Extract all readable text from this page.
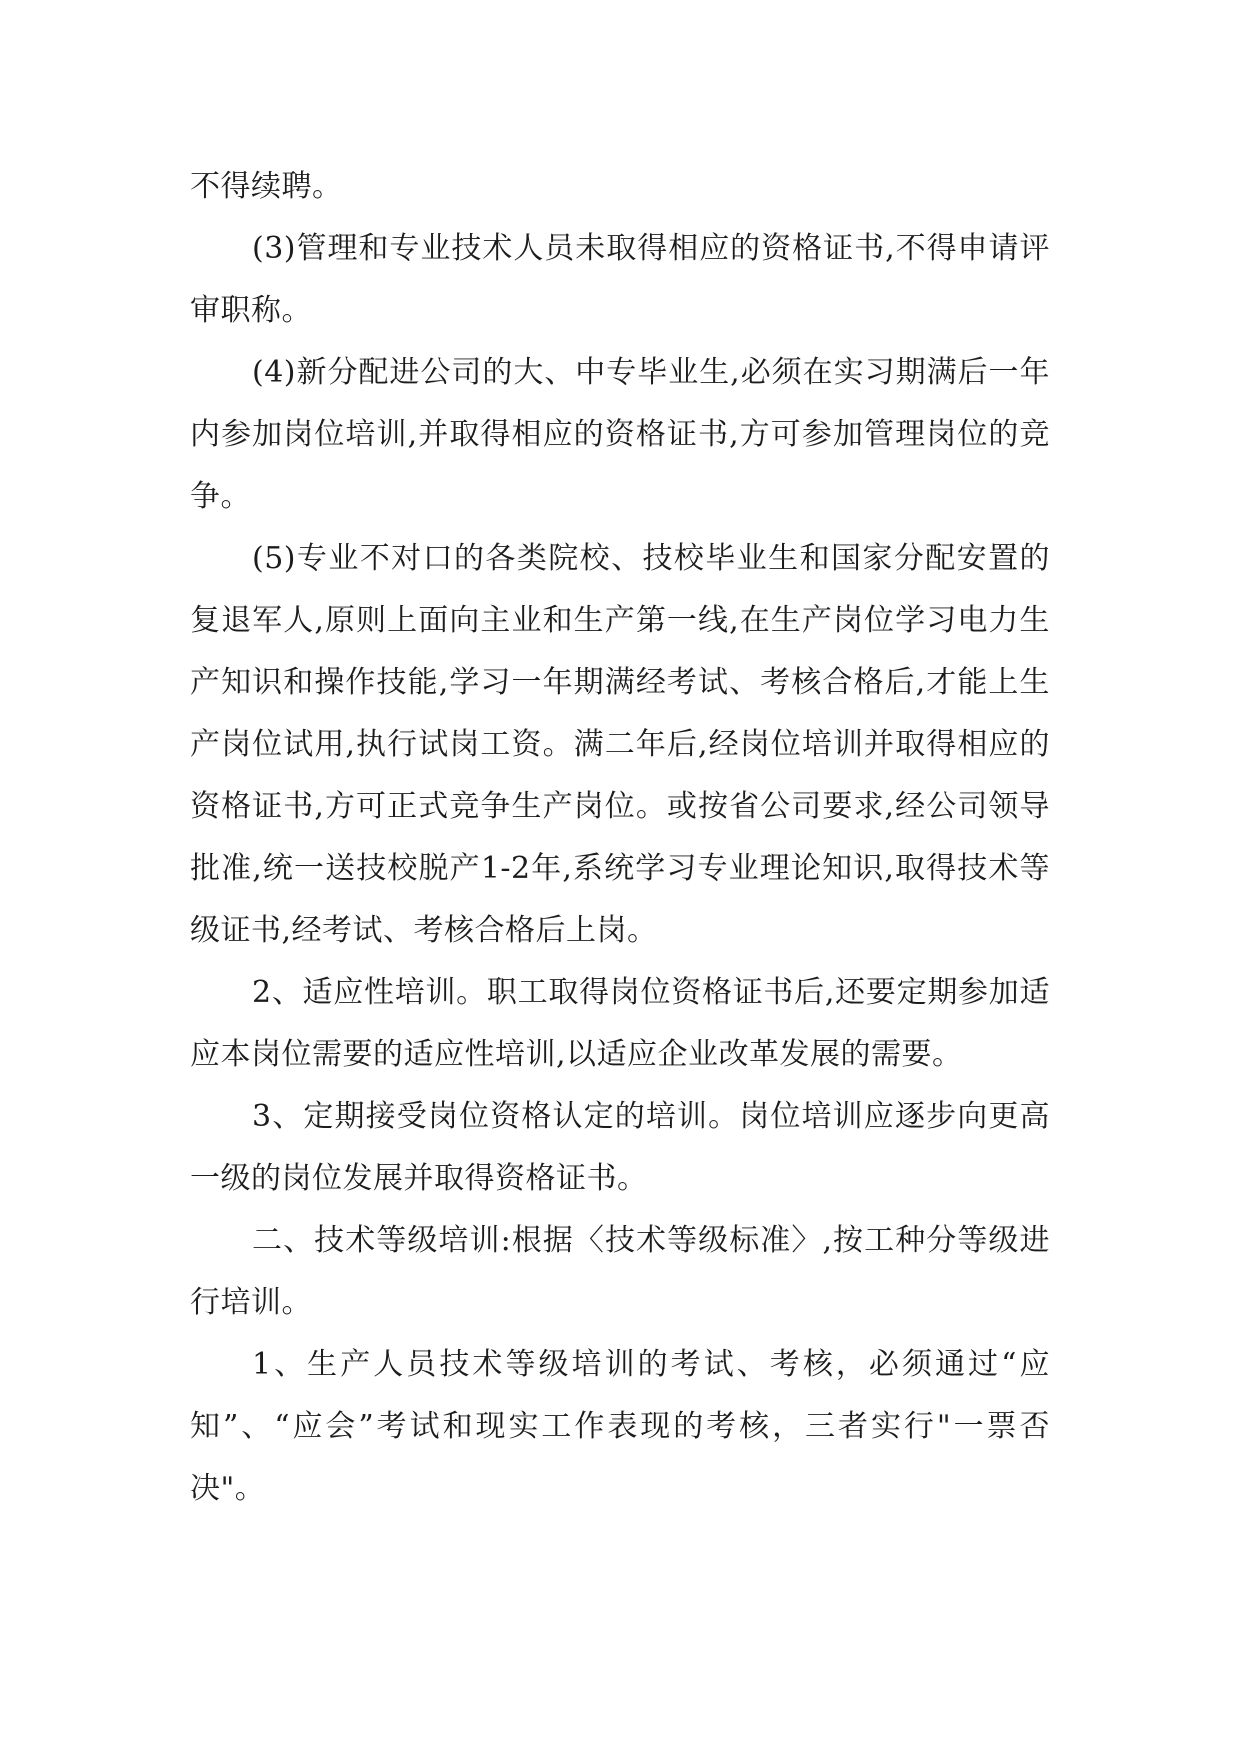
不得续聘。

(3)管理和专业技术人员未取得相应的资格证书,不得申请评审职称。

(4)新分配进公司的大、中专毕业生,必须在实习期满后一年内参加岗位培训,并取得相应的资格证书,方可参加管理岗位的竞争。

(5)专业不对口的各类院校、技校毕业生和国家分配安置的复退军人,原则上面向主业和生产第一线,在生产岗位学习电力生产知识和操作技能,学习一年期满经考试、考核合格后,才能上生产岗位试用,执行试岗工资。满二年后,经岗位培训并取得相应的资格证书,方可正式竞争生产岗位。或按省公司要求,经公司领导批准,统一送技校脱产1-2年,系统学习专业理论知识,取得技术等级证书,经考试、考核合格后上岗。

2、适应性培训。职工取得岗位资格证书后,还要定期参加适应本岗位需要的适应性培训,以适应企业改革发展的需要。

3、定期接受岗位资格认定的培训。岗位培训应逐步向更高一级的岗位发展并取得资格证书。

二、技术等级培训:根据〈技术等级标准〉,按工种分等级进行培训。

1、生产人员技术等级培训的考试、考核，必须通过“应知”、“应会”考试和现实工作表现的考核，三者实行"一票否决"。
